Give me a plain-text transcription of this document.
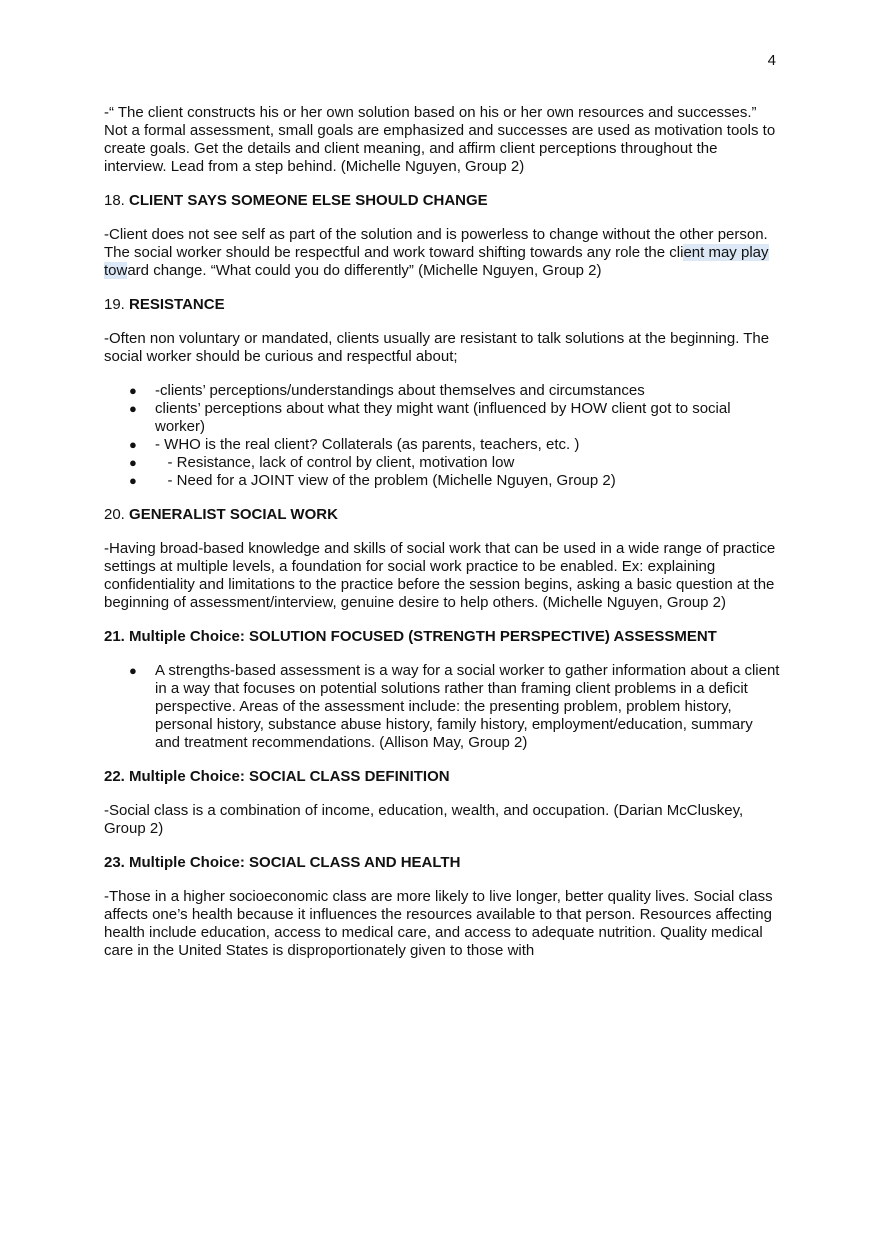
4

-“ The client constructs his or her own solution based on his or her own resources and successes.” Not a formal assessment, small goals are emphasized and successes are used as motivation tools to create goals. Get the details and client meaning, and affirm client perceptions throughout the interview. Lead from a step behind. (Michelle Nguyen, Group 2)

18. CLIENT SAYS SOMEONE ELSE SHOULD CHANGE

-Client does not see self as part of the solution and is powerless to change without the other person. The social worker should be respectful and work toward shifting towards any role the client may play toward change. “What could you do differently” (Michelle Nguyen, Group 2)

19. RESISTANCE

-Often non voluntary or mandated, clients usually are resistant to talk solutions at the beginning. The social worker should be curious and respectful about;

● -clients’ perceptions/understandings about themselves and circumstances
● clients’ perceptions about what they might want (influenced by HOW client got to social worker)
● - WHO is the real client? Collaterals (as parents, teachers, etc. )
● - Resistance, lack of control by client, motivation low
● - Need for a JOINT view of the problem (Michelle Nguyen, Group 2)

20. GENERALIST SOCIAL WORK

-Having broad-based knowledge and skills of social work that can be used in a wide range of practice settings at multiple levels, a foundation for social work practice to be enabled. Ex: explaining confidentiality and limitations to the practice before the session begins, asking a basic question at the beginning of assessment/interview, genuine desire to help others. (Michelle Nguyen, Group 2)

21. Multiple Choice: SOLUTION FOCUSED (STRENGTH PERSPECTIVE) ASSESSMENT

● A strengths-based assessment is a way for a social worker to gather information about a client in a way that focuses on potential solutions rather than framing client problems in a deficit perspective. Areas of the assessment include: the presenting problem, problem history, personal history, substance abuse history, family history, employment/education, summary and treatment recommendations. (Allison May, Group 2)

22. Multiple Choice: SOCIAL CLASS DEFINITION

-Social class is a combination of income, education, wealth, and occupation. (Darian McCluskey, Group 2)

23. Multiple Choice: SOCIAL CLASS AND HEALTH

-Those in a higher socioeconomic class are more likely to live longer, better quality lives. Social class affects one’s health because it influences the resources available to that person. Resources affecting health include education, access to medical care, and access to adequate nutrition. Quality medical care in the United States is disproportionately given to those with
